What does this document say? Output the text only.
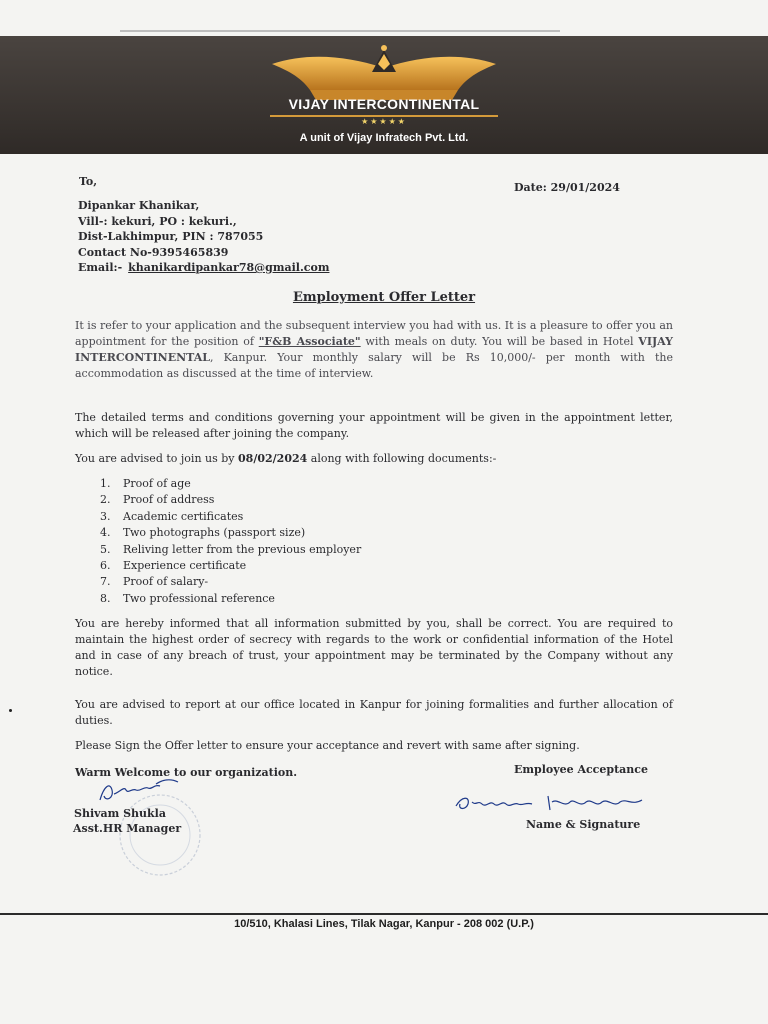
VIJAY INTERCONTINENTAL
★★★★★
A unit of Vijay Infratech Pvt. Ltd.
To,	Date: 29/01/2024
Dipankar Khanikar,
Vill-: kekuri, PO : kekuri.,
Dist-Lakhimpur, PIN : 787055
Contact No-9395465839
Email:- khanikardipankar78@gmail.com
Employment Offer Letter
It is refer to your application and the subsequent interview you had with us. It is a pleasure to offer you an appointment for the position of "F&B Associate" with meals on duty. You will be based in Hotel VIJAY INTERCONTINENTAL, Kanpur. Your monthly salary will be Rs 10,000/- per month with the accommodation as discussed at the time of interview.
The detailed terms and conditions governing your appointment will be given in the appointment letter, which will be released after joining the company.
You are advised to join us by 08/02/2024 along with following documents:-
1.	Proof of age
2.	Proof of address
3.	Academic certificates
4.	Two photographs (passport size)
5.	Reliving letter from the previous employer
6.	Experience certificate
7.	Proof of salary-
8.	Two professional reference
You are hereby informed that all information submitted by you, shall be correct. You are required to maintain the highest order of secrecy with regards to the work or confidential information of the Hotel and in case of any breach of trust, your appointment may be terminated by the Company without any notice.
You are advised to report at our office located in Kanpur for joining formalities and further allocation of duties.
Please Sign the Offer letter to ensure your acceptance and revert with same after signing.
Warm Welcome to our organization.	Employee Acceptance
Shivam Shukla
Asst.HR Manager	Name & Signature
10/510, Khalasi Lines, Tilak Nagar, Kanpur - 208 002 (U.P.)
